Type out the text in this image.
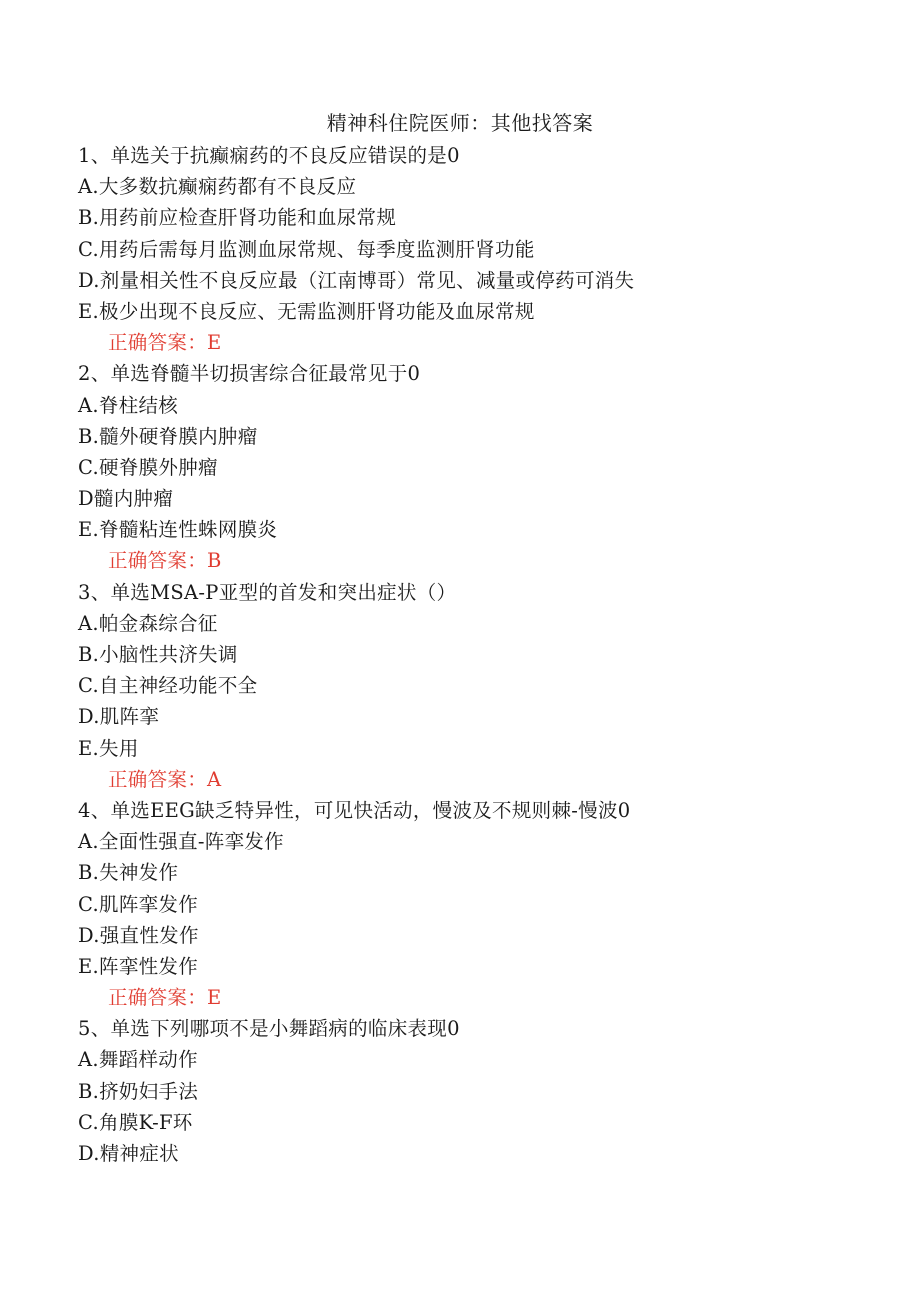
精神科住院医师：其他找答案
1、单选关于抗癫痫药的不良反应错误的是0
A.大多数抗癫痫药都有不良反应
B.用药前应检查肝肾功能和血尿常规
C.用药后需每月监测血尿常规、每季度监测肝肾功能
D.剂量相关性不良反应最（江南博哥）常见、减量或停药可消失
E.极少出现不良反应、无需监测肝肾功能及血尿常规
正确答案：E
2、单选脊髓半切损害综合征最常见于0
A.脊柱结核
B.髓外硬脊膜内肿瘤
C.硬脊膜外肿瘤
D髓内肿瘤
E.脊髓粘连性蛛网膜炎
正确答案：B
3、单选MSA-P亚型的首发和突出症状（）
A.帕金森综合征
B.小脑性共济失调
C.自主神经功能不全
D.肌阵挛
E.失用
正确答案：A
4、单选EEG缺乏特异性，可见快活动，慢波及不规则棘-慢波0
A.全面性强直-阵挛发作
B.失神发作
C.肌阵挛发作
D.强直性发作
E.阵挛性发作
正确答案：E
5、单选下列哪项不是小舞蹈病的临床表现0
A.舞蹈样动作
B.挤奶妇手法
C.角膜K-F环
D.精神症状
